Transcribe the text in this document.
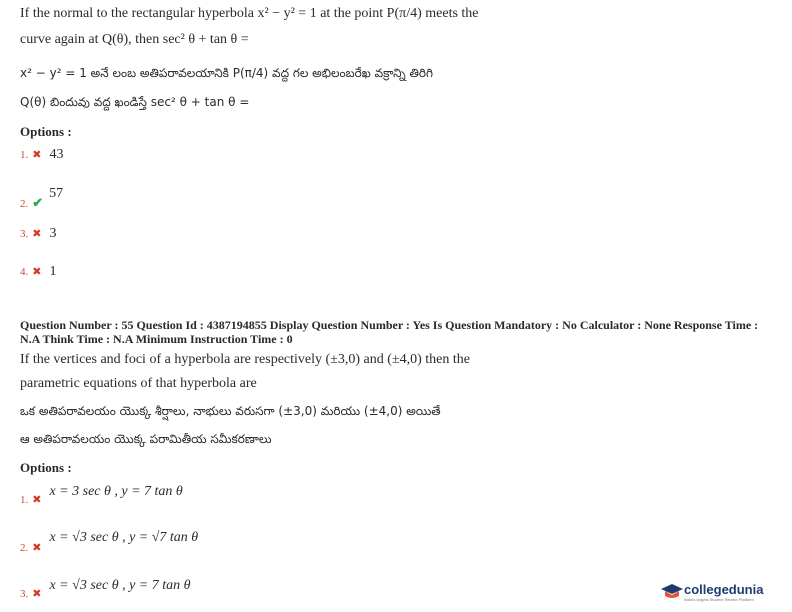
If the normal to the rectangular hyperbola x² − y² = 1 at the point P(π/4) meets the
curve again at Q(θ), then sec² θ + tan θ =
x² − y² = 1 అనే లంబ అతిపరావలయానికి P(π/4) వద్ద గల అభిలంబరేఖ వక్రాన్ని తిరిగి
Q(θ) బిందువు వద్ద ఖండిస్తే sec² θ + tan θ =
Options :
1. ✖ 43
$_{2.}$ $_✔$ 57
3. ✖ 3
4. ✖ 1
Question Number : 55 Question Id : 4387194855 Display Question Number : Yes Is Question Mandatory : No Calculator : None Response Time : N.A Think Time : N.A Minimum Instruction Time : 0
If the vertices and foci of a hyperbola are respectively (±3,0) and (±4,0) then the
parametric equations of that hyperbola are
ఒక అతిపరావలయం యొక్క శీర్షాలు, నాభులు వరుసగా (±3,0) మరియు (±4,0) అయితే
ఆ అతిపరావలయం యొక్క పరామితీయ సమీకరణాలు
Options :
$_{1.}$ $_✖$ x = 3 sec θ , y = 7 tan θ
$_{2.}$ $_✖$ x = √3 sec θ , y = √7 tan θ
$_{3.}$ $_✖$ x = √3 sec θ , y = 7 tan θ	collegedunia
India's largest Student Review Platform
